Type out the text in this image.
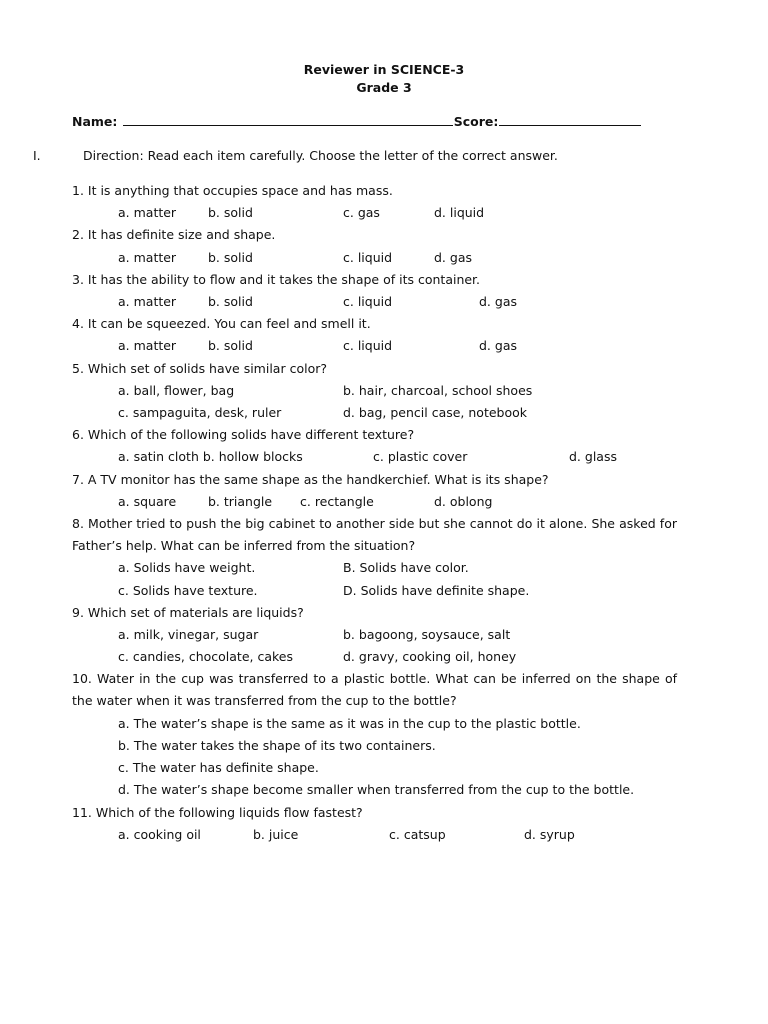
Reviewer in SCIENCE-3
Grade 3
Name:	Score:
I.	Direction: Read each item carefully. Choose the letter of the correct answer.
1. It is anything that occupies space and has mass.
a. matter	b. solid	c. gas	d. liquid
2. It has definite size and shape.
a. matter	b. solid	c. liquid	d. gas
3. It has the ability to flow and it takes the shape of its container.
a. matter	b. solid	c. liquid	d. gas
4. It can be squeezed. You can feel and smell it.
a. matter	b. solid	c. liquid	d. gas
5. Which set of solids have similar color?
a. ball, flower, bag	b. hair, charcoal, school shoes
c. sampaguita, desk, ruler	d. bag, pencil case, notebook
6. Which of the following solids have different texture?
a. satin cloth b. hollow blocks	c. plastic cover	d. glass
7. A TV monitor has the same shape as the handkerchief. What is its shape?
a. square	b. triangle c. rectangle	d. oblong
8. Mother tried to push the big cabinet to another side but she cannot do it alone. She asked for Father’s help. What can be inferred from the situation?
a. Solids have weight.	B. Solids have color.
c. Solids have texture.	D. Solids have definite shape.
9. Which set of materials are liquids?
a. milk, vinegar, sugar	b. bagoong, soysauce, salt
c. candies, chocolate, cakes	d. gravy, cooking oil, honey
10. Water in the cup was transferred to a plastic bottle. What can be inferred on the shape of the water when it was transferred from the cup to the bottle?
a. The water’s shape is the same as it was in the cup to the plastic bottle.
b. The water takes the shape of its two containers.
c. The water has definite shape.
d. The water’s shape become smaller when transferred from the cup to the bottle.
11. Which of the following liquids flow fastest?
a. cooking oil	b. juice	c. catsup	d. syrup
